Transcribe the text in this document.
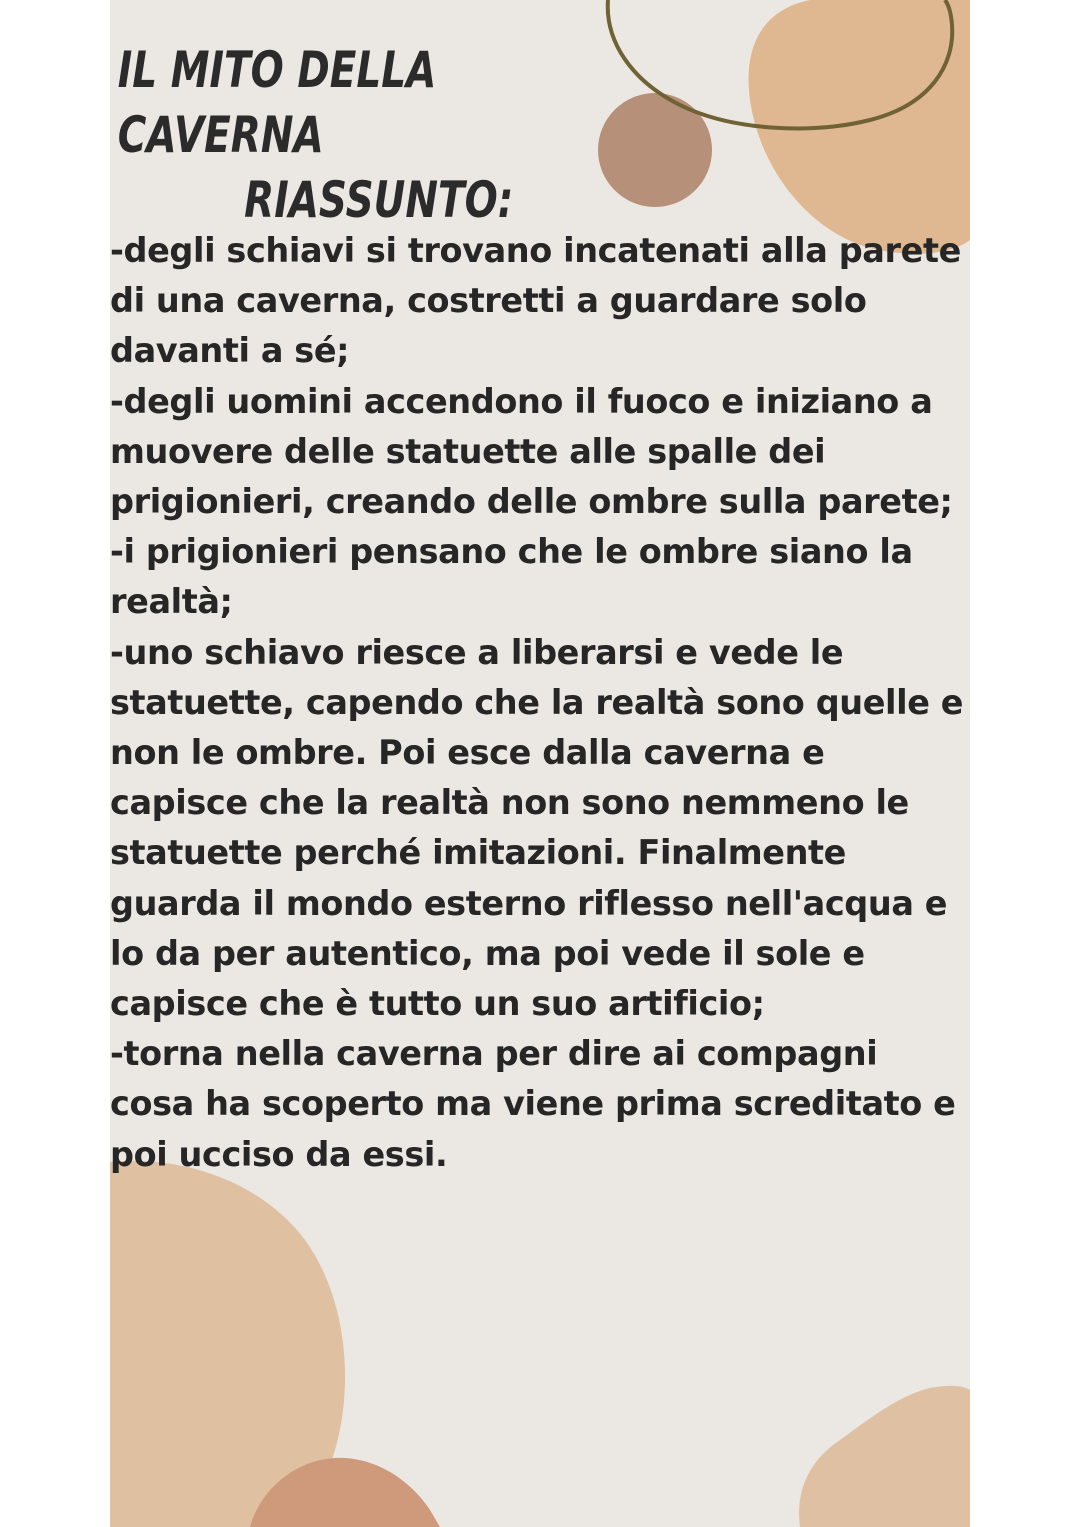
IL MITO DELLA CAVERNA
RIASSUNTO:
-degli schiavi si trovano incatenati alla parete di una caverna, costretti a guardare solo davanti a sé;
-degli uomini accendono il fuoco e iniziano a muovere delle statuette alle spalle dei prigionieri, creando delle ombre sulla parete;
-i prigionieri pensano che le ombre siano la realtà;
-uno schiavo riesce a liberarsi e vede le statuette, capendo che la realtà sono quelle e non le ombre. Poi esce dalla caverna e capisce che la realtà non sono nemmeno le statuette perché imitazioni. Finalmente guarda il mondo esterno riflesso nell'acqua e lo da per autentico, ma poi vede il sole e capisce che è tutto un suo artificio;
-torna nella caverna per dire ai compagni cosa ha scoperto ma viene prima screditato e poi ucciso da essi.
